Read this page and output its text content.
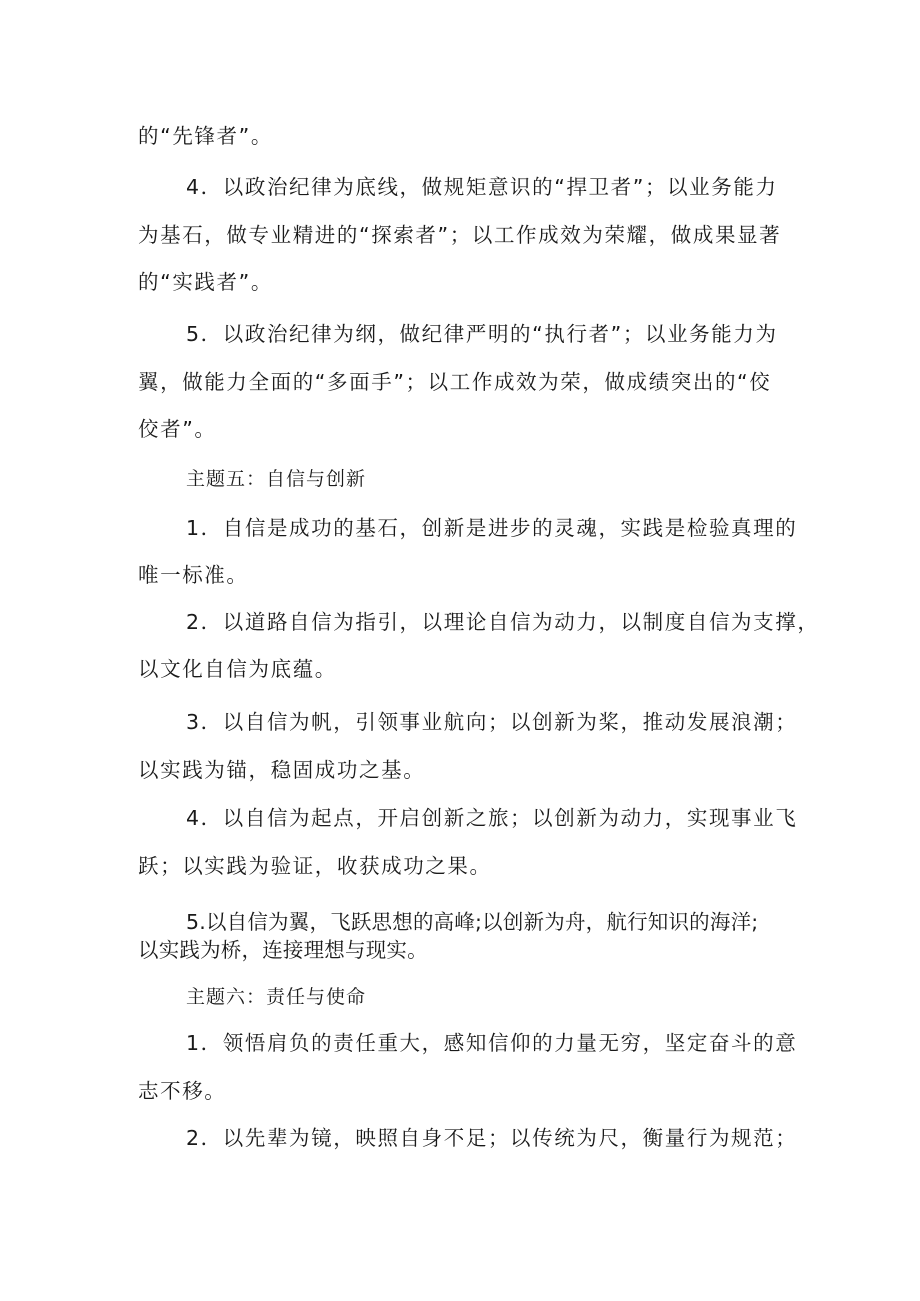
的“先锋者”。
4．以政治纪律为底线，做规矩意识的“捍卫者”；以业务能力
为基石，做专业精进的“探索者”；以工作成效为荣耀，做成果显著
的“实践者”。
5．以政治纪律为纲，做纪律严明的“执行者”；以业务能力为
翼，做能力全面的“多面手”；以工作成效为荣，做成绩突出的“佼
佼者”。
主题五：自信与创新
1．自信是成功的基石，创新是进步的灵魂，实践是检验真理的
唯一标准。
2．以道路自信为指引，以理论自信为动力，以制度自信为支撑，
以文化自信为底蕴。
3．以自信为帆，引领事业航向；以创新为桨，推动发展浪潮；
以实践为锚，稳固成功之基。
4．以自信为起点，开启创新之旅；以创新为动力，实现事业飞
跃；以实践为验证，收获成功之果。
5.以自信为翼，飞跃思想的高峰;以创新为舟，航行知识的海洋;
以实践为桥，连接理想与现实。
主题六：责任与使命
1．领悟肩负的责任重大，感知信仰的力量无穷，坚定奋斗的意
志不移。
2．以先辈为镜，映照自身不足；以传统为尺，衡量行为规范；
